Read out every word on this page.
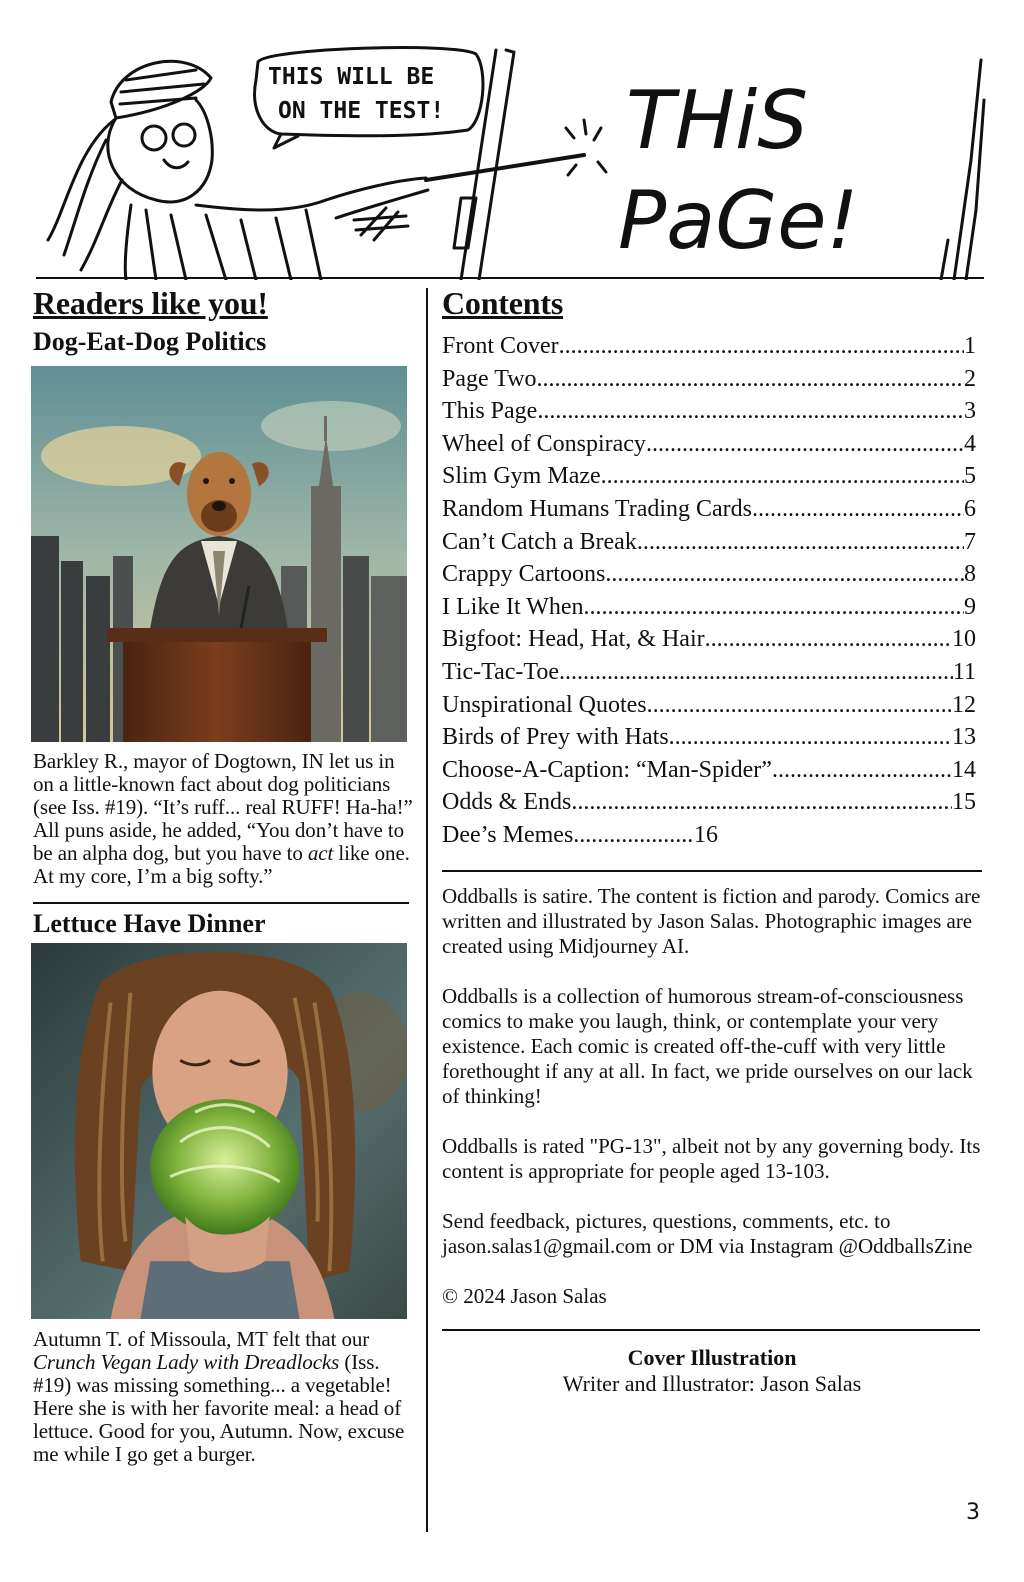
THIS WILL BE
ON THE TEST! THiS
PaGe!
Readers like you!
Dog-Eat-Dog Politics

Barkley R., mayor of Dogtown, IN let us in on a little-known fact about dog politicians (see Iss. #19). “It’s ruff... real RUFF! Ha-ha!” All puns aside, he added, “You don’t have to be an alpha dog, but you have to act like one. At my core, I’m a big softy.”

Lettuce Have Dinner

Autumn T. of Missoula, MT felt that our Crunch Vegan Lady with Dreadlocks (Iss. #19) was missing something... a vegetable! Here she is with her favorite meal: a head of lettuce. Good for you, Autumn. Now, excuse me while I go get a burger.

Contents
Front Cover .....	1
Page Two .....	2
This Page .....	3
Wheel of Conspiracy .....	4
Slim Gym Maze .....	5
Random Humans Trading Cards .....	6
Can’t Catch a Break .....	7
Crappy Cartoons .....	8
I Like It When .....	9
Bigfoot: Head, Hat, & Hair .....	10
Tic-Tac-Toe .....	11
Unspirational Quotes .....	12
Birds of Prey with Hats .....	13
Choose-A-Caption: “Man-Spider” .....	14
Odds & Ends .....	15
Dee’s Memes .....	16

Oddballs is satire. The content is fiction and parody. Comics are written and illustrated by Jason Salas. Photographic images are created using Midjourney AI.

Oddballs is a collection of humorous stream-of-consciousness comics to make you laugh, think, or contemplate your very existence. Each comic is created off-the-cuff with very little forethought if any at all. In fact, we pride ourselves on our lack of thinking!

Oddballs is rated "PG-13", albeit not by any governing body. Its content is appropriate for people aged 13-103.

Send feedback, pictures, questions, comments, etc. to jason.salas1@gmail.com or DM via Instagram @OddballsZine

© 2024 Jason Salas

Cover Illustration
Writer and Illustrator: Jason Salas
3
